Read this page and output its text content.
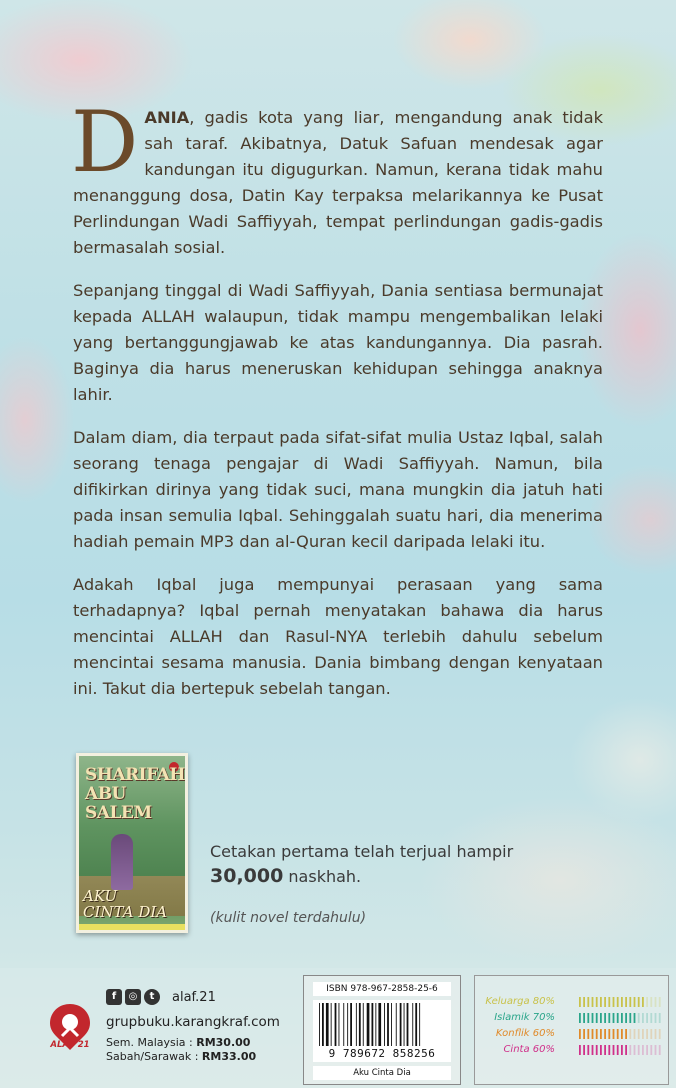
DANIA, gadis kota yang liar, mengandung anak tidak sah taraf. Akibatnya, Datuk Safuan mendesak agar kandungan itu digugurkan. Namun, kerana tidak mahu menanggung dosa, Datin Kay terpaksa melarikannya ke Pusat Perlindungan Wadi Saffiyyah, tempat perlindungan gadis-gadis bermasalah sosial.

Sepanjang tinggal di Wadi Saffiyyah, Dania sentiasa bermunajat kepada ALLAH walaupun, tidak mampu mengembalikan lelaki yang bertanggungjawab ke atas kandungannya. Dia pasrah. Baginya dia harus meneruskan kehidupan sehingga anaknya lahir.

Dalam diam, dia terpaut pada sifat-sifat mulia Ustaz Iqbal, salah seorang tenaga pengajar di Wadi Saffiyyah. Namun, bila difikirkan dirinya yang tidak suci, mana mungkin dia jatuh hati pada insan semulia Iqbal. Sehinggalah suatu hari, dia menerima hadiah pemain MP3 dan al-Quran kecil daripada lelaki itu.

Adakah Iqbal juga mempunyai perasaan yang sama terhadapnya? Iqbal pernah menyatakan bahawa dia harus mencintai ALLAH dan Rasul-NYA terlebih dahulu sebelum mencintai sesama manusia. Dania bimbang dengan kenyataan ini. Takut dia bertepuk sebelah tangan.

SHARIFAH
ABU SALEM
AKU
CINTA DIA
Cetakan pertama telah terjual hampir
30,000 naskhah.
(kulit novel terdahulu)
ALAF 21
f	◎	t	alaf.21
grupbuku.karangkraf.com
Sem. Malaysia : RM30.00
Sabah/Sarawak : RM33.00
ISBN 978-967-2858-25-6
9 789672 858256
Aku Cinta Dia
Keluarga 80%
Islamik 70%
Konflik 60%
Cinta 60%
